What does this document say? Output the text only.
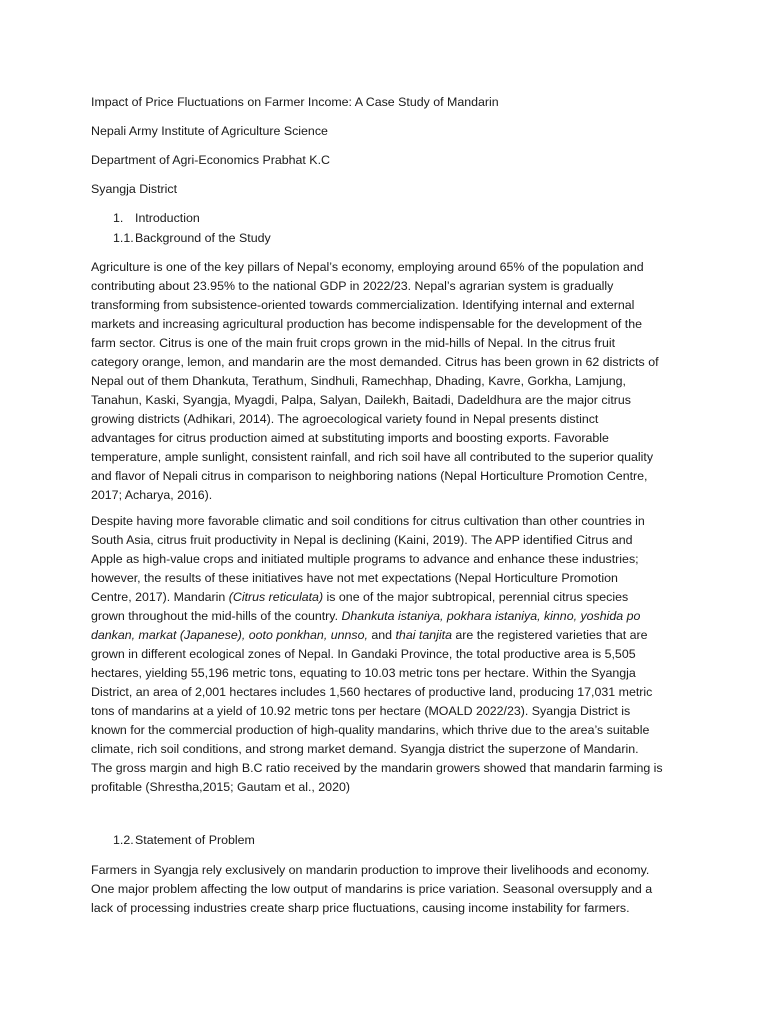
Impact of Price Fluctuations on Farmer Income: A Case Study of Mandarin

Nepali Army Institute of Agriculture Science

Department of Agri-Economics Prabhat K.C

Syangja District

1. Introduction

1.1.Background of the Study

Agriculture is one of the key pillars of Nepal’s economy, employing around 65% of the population and
contributing about 23.95% to the national GDP in 2022/23. Nepal’s agrarian system is gradually
transforming from subsistence-oriented towards commercialization. Identifying internal and external
markets and increasing agricultural production has become indispensable for the development of the
farm sector. Citrus is one of the main fruit crops grown in the mid-hills of Nepal. In the citrus fruit
category orange, lemon, and mandarin are the most demanded. Citrus has been grown in 62 districts of
Nepal out of them Dhankuta, Terathum, Sindhuli, Ramechhap, Dhading, Kavre, Gorkha, Lamjung,
Tanahun, Kaski, Syangja, Myagdi, Palpa, Salyan, Dailekh, Baitadi, Dadeldhura are the major citrus
growing districts (Adhikari, 2014). The agroecological variety found in Nepal presents distinct
advantages for citrus production aimed at substituting imports and boosting exports. Favorable
temperature, ample sunlight, consistent rainfall, and rich soil have all contributed to the superior quality
and flavor of Nepali citrus in comparison to neighboring nations (Nepal Horticulture Promotion Centre,
2017; Acharya, 2016).
Despite having more favorable climatic and soil conditions for citrus cultivation than other countries in
South Asia, citrus fruit productivity in Nepal is declining (Kaini, 2019). The APP identified Citrus and
Apple as high-value crops and initiated multiple programs to advance and enhance these industries;
however, the results of these initiatives have not met expectations (Nepal Horticulture Promotion
Centre, 2017). Mandarin (Citrus reticulata) is one of the major subtropical, perennial citrus species
grown throughout the mid-hills of the country. Dhankuta istaniya, pokhara istaniya, kinno, yoshida po
dankan, markat (Japanese), ooto ponkhan, unnso, and thai tanjita are the registered varieties that are
grown in different ecological zones of Nepal. In Gandaki Province, the total productive area is 5,505
hectares, yielding 55,196 metric tons, equating to 10.03 metric tons per hectare. Within the Syangja
District, an area of 2,001 hectares includes 1,560 hectares of productive land, producing 17,031 metric
tons of mandarins at a yield of 10.92 metric tons per hectare (MOALD 2022/23). Syangja District is
known for the commercial production of high-quality mandarins, which thrive due to the area’s suitable
climate, rich soil conditions, and strong market demand. Syangja district the superzone of Mandarin.
The gross margin and high B.C ratio received by the mandarin growers showed that mandarin farming is
profitable (Shrestha,2015; Gautam et al., 2020)

1.2.Statement of Problem

Farmers in Syangja rely exclusively on mandarin production to improve their livelihoods and economy.
One major problem affecting the low output of mandarins is price variation. Seasonal oversupply and a
lack of processing industries create sharp price fluctuations, causing income instability for farmers.
